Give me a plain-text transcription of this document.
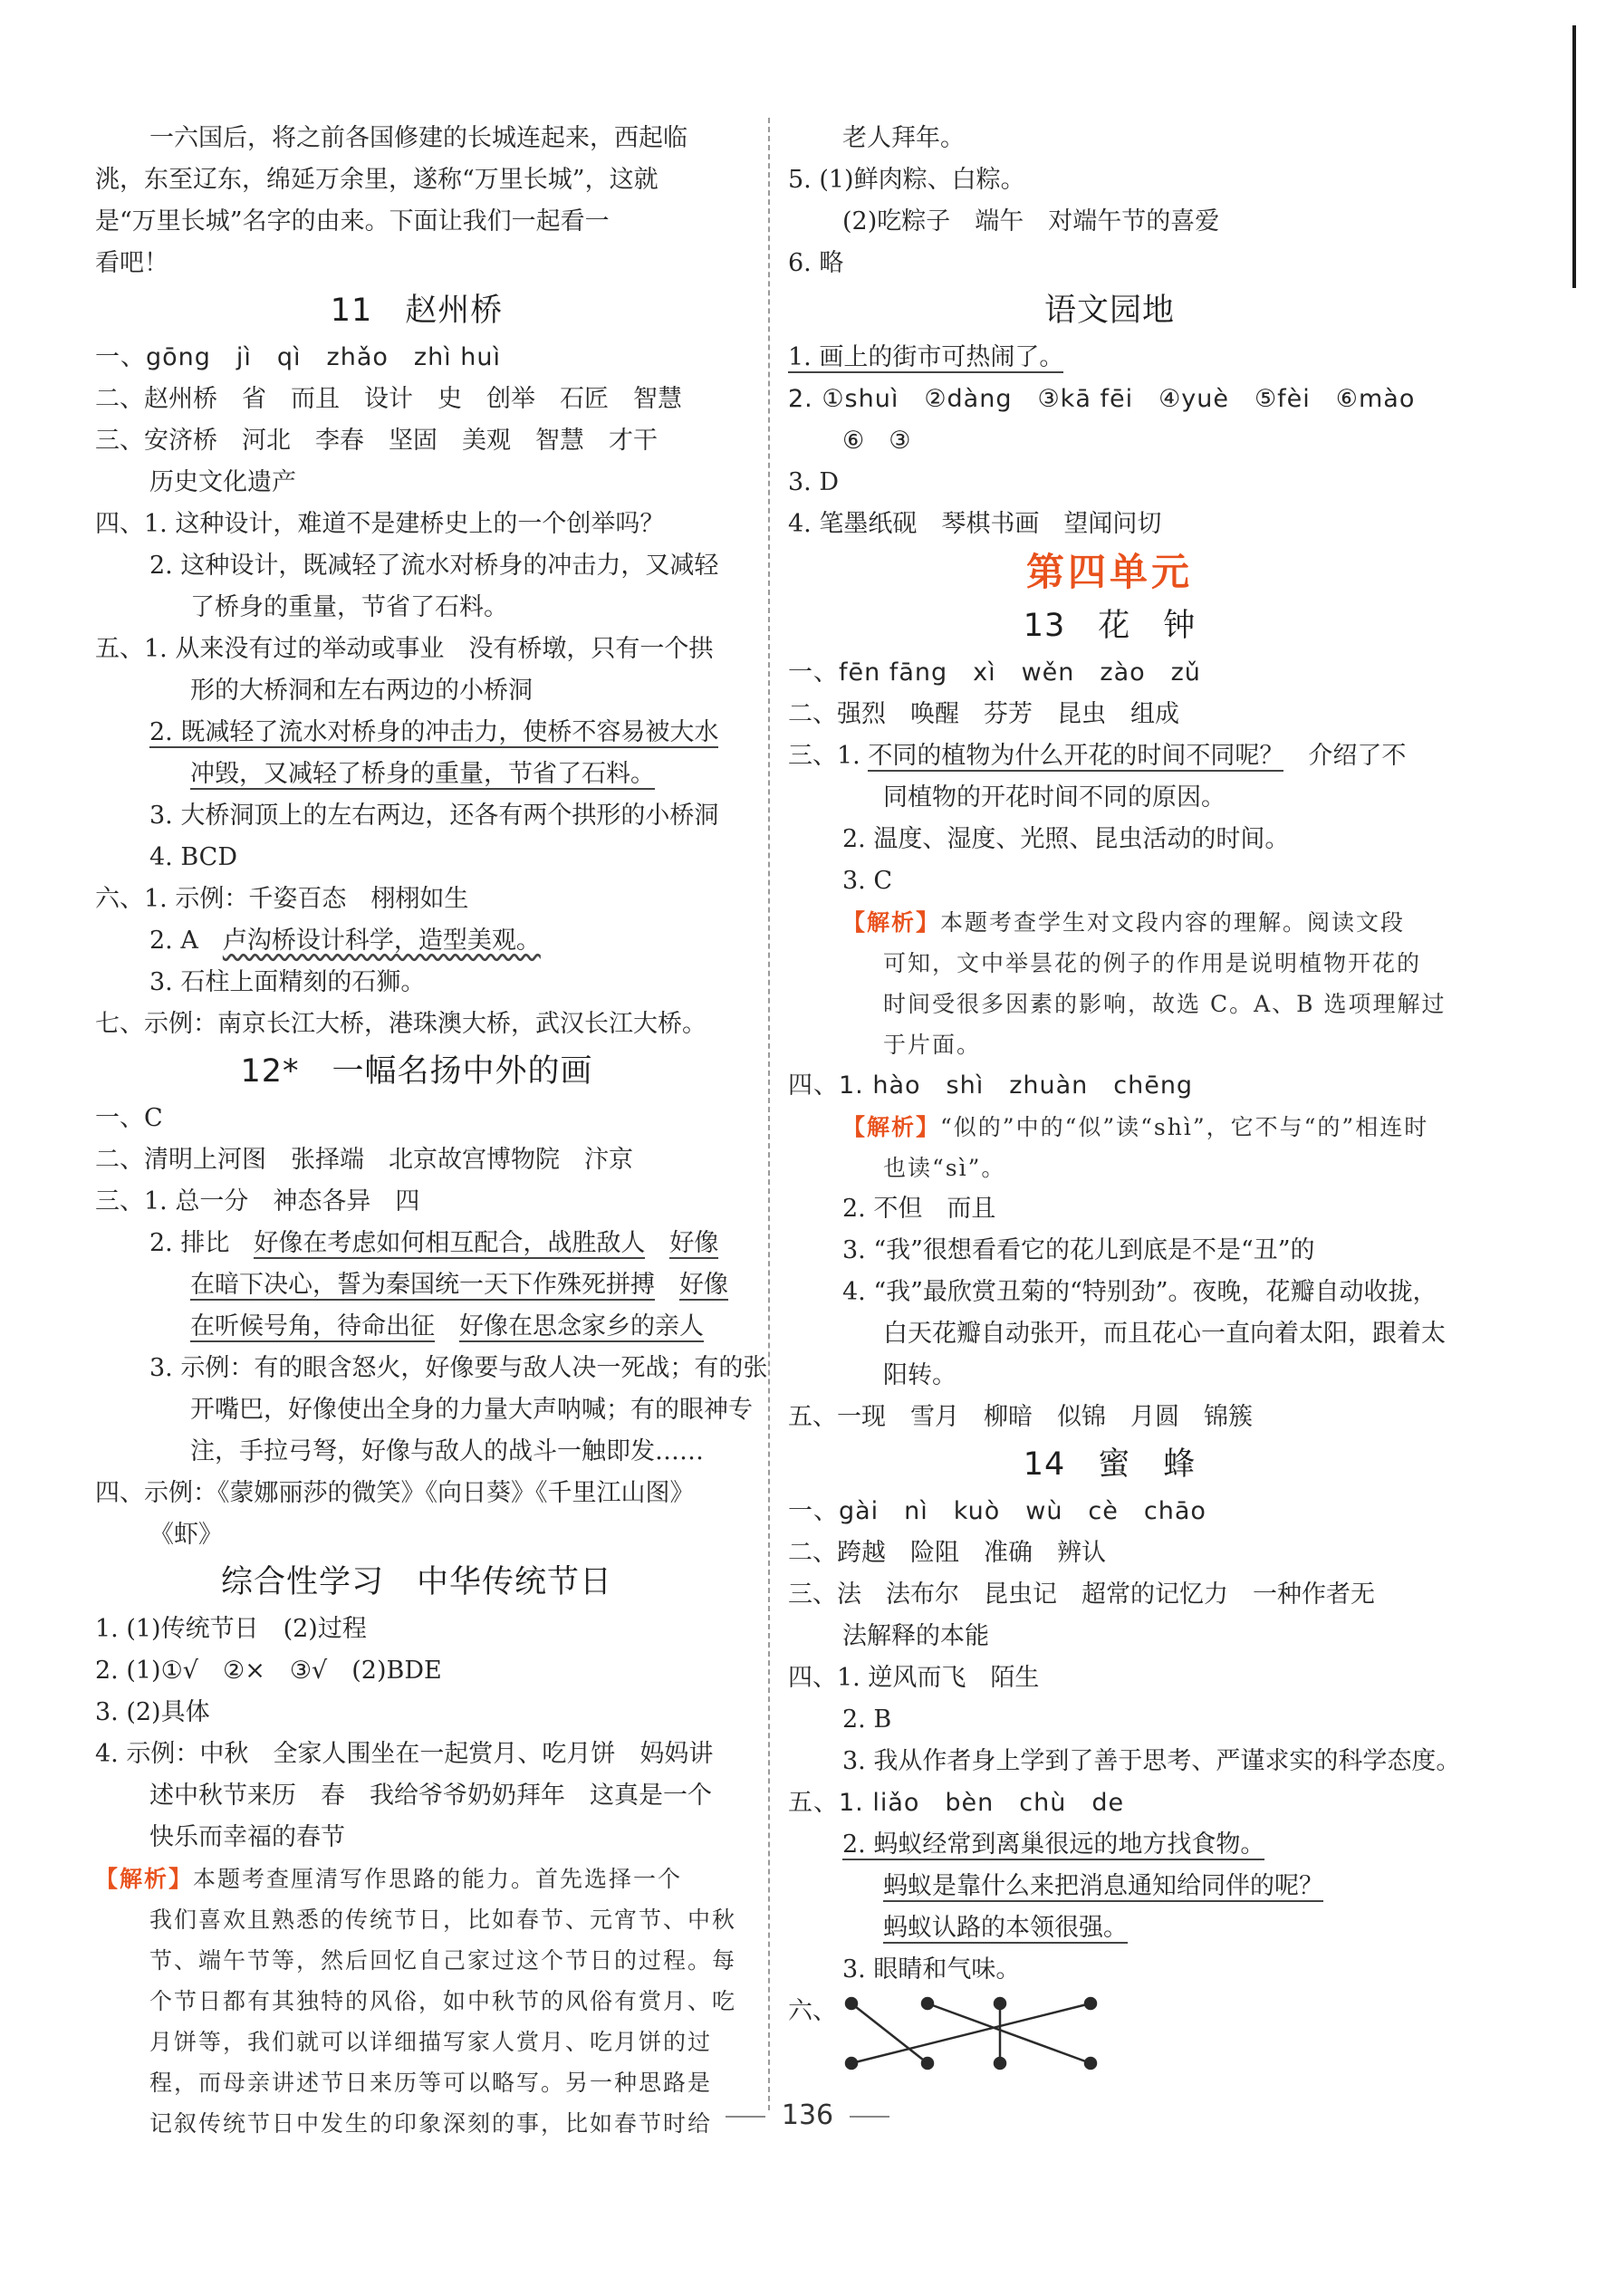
一六国后，将之前各国修建的长城连起来，西起临
洮，东至辽东，绵延万余里，遂称“万里长城”，这就
是“万里长城”名字的由来。下面让我们一起看一
看吧！
11　赵州桥
一、gōng　jì　qì　zhǎo　zhì huì
二、赵州桥　省　而且　设计　史　创举　石匠　智慧
三、安济桥　河北　李春　坚固　美观　智慧　才干
历史文化遗产
四、1. 这种设计，难道不是建桥史上的一个创举吗？
2. 这种设计，既减轻了流水对桥身的冲击力，又减轻
了桥身的重量，节省了石料。
五、1. 从来没有过的举动或事业　没有桥墩，只有一个拱
形的大桥洞和左右两边的小桥洞
2. 既减轻了流水对桥身的冲击力，使桥不容易被大水
冲毁，又减轻了桥身的重量，节省了石料。
3. 大桥洞顶上的左右两边，还各有两个拱形的小桥洞
4. BCD
六、1. 示例：千姿百态　栩栩如生
2. A　卢沟桥设计科学，造型美观。
3. 石柱上面精刻的石狮。
七、示例：南京长江大桥，港珠澳大桥，武汉长江大桥。
12*　一幅名扬中外的画
一、C
二、清明上河图　张择端　北京故宫博物院　汴京
三、1. 总一分　神态各异　四
2. 排比　好像在考虑如何相互配合，战胜敌人　 好像
在暗下决心，誓为秦国统一天下作殊死拼搏　 好像
在听候号角，待命出征　 好像在思念家乡的亲人
3. 示例：有的眼含怒火，好像要与敌人决一死战；有的张
开嘴巴，好像使出全身的力量大声呐喊；有的眼神专
注，手拉弓弩，好像与敌人的战斗一触即发……
四、示例：《蒙娜丽莎的微笑》《向日葵》《千里江山图》
《虾》
综合性学习　中华传统节日
1. (1)传统节日　(2)过程
2. (1)①√　②×　③√　(2)BDE
3. (2)具体
4. 示例：中秋　全家人围坐在一起赏月、吃月饼　妈妈讲
述中秋节来历　春　我给爷爷奶奶拜年　这真是一个
快乐而幸福的春节
【解析】本题考查厘清写作思路的能力。首先选择一个
我们喜欢且熟悉的传统节日，比如春节、元宵节、中秋
节、端午节等，然后回忆自己家过这个节日的过程。每
个节日都有其独特的风俗，如中秋节的风俗有赏月、吃
月饼等，我们就可以详细描写家人赏月、吃月饼的过
程，而母亲讲述节日来历等可以略写。另一种思路是
记叙传统节日中发生的印象深刻的事，比如春节时给
老人拜年。
5. (1)鲜肉粽、白粽。
(2)吃粽子　端午　对端午节的喜爱
6. 略
语文园地
1. 画上的街市可热闹了。
2. ①shuì　②dàng　③kā fēi　④yuè　⑤fèi　⑥mào
⑥　③
3. D
4. 笔墨纸砚　琴棋书画　望闻问切
第四单元
13　花　钟
一、fēn fāng　xì　wěn　zào　zǔ
二、强烈　唤醒　芬芳　昆虫　组成
三、1. 不同的植物为什么开花的时间不同呢？　介绍了不
同植物的开花时间不同的原因。
2. 温度、湿度、光照、昆虫活动的时间。
3. C
【解析】本题考查学生对文段内容的理解。阅读文段
可知，文中举昙花的例子的作用是说明植物开花的
时间受很多因素的影响，故选 C。A、B 选项理解过
于片面。
四、1. hào　shì　zhuàn　chēng
【解析】“似的”中的“似”读“shì”，它不与“的”相连时
也读“sì”。
2. 不但　而且
3. “我”很想看看它的花儿到底是不是“丑”的
4. “我”最欣赏丑菊的“特别劲”。夜晚，花瓣自动收拢，
白天花瓣自动张开，而且花心一直向着太阳，跟着太
阳转。
五、一现　雪月　柳暗　似锦　月圆　锦簇
14　蜜　蜂
一、gài　nì　kuò　wù　cè　chāo
二、跨越　险阻　准确　辨认
三、法　法布尔　昆虫记　超常的记忆力　一种作者无
法解释的本能
四、1. 逆风而飞　陌生
2. B
3. 我从作者身上学到了善于思考、严谨求实的科学态度。
五、1. liǎo　bèn　chù　de
2. 蚂蚁经常到离巢很远的地方找食物。
蚂蚁是靠什么来把消息通知给同伴的呢？
蚂蚁认路的本领很强。
3. 眼睛和气味。
六、
136
